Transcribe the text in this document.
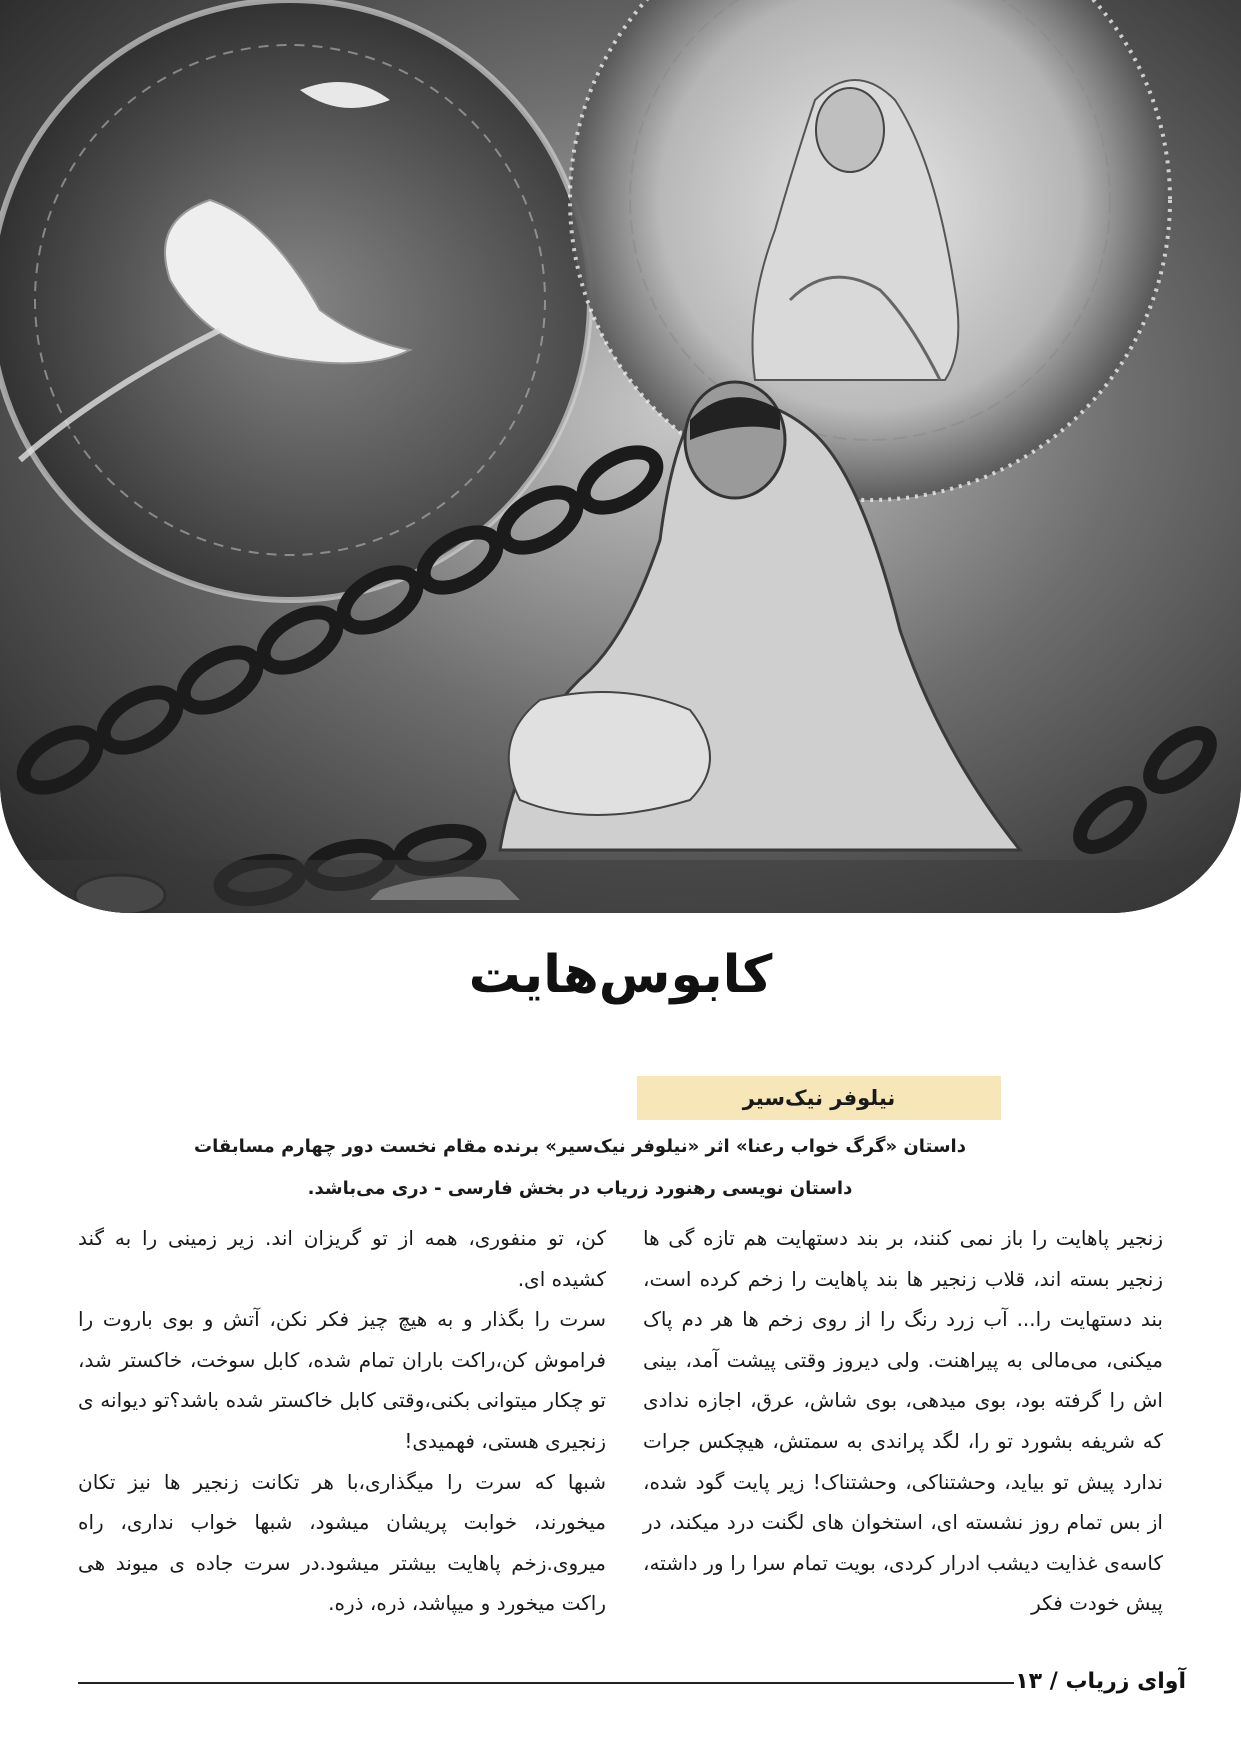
کابوس‌هایت
نیلوفر نیک‌سیر
داستان «گرگ خواب رعنا» اثر «نیلوفر نیک‌سیر» برنده مقام نخست دور چهارم مسابقات
داستان نویسی رهنورد زریاب در بخش فارسی - دری می‌باشد.

زنجیر پاهایت را باز نمی کنند، بر بند دستهایت هم تازه گی ها زنجیر بسته اند، قلاب زنجیر ها بند پاهایت را زخم کرده است، بند دستهایت را... آب زرد رنگ را از روی زخم ها هر دم پاک میکنی، می‌مالی به پیراهنت. ولی دیروز وقتی پیشت آمد، بینی اش را گرفته بود، بوی میدهی، بوی شاش، عرق، اجازه ندادی که شریفه بشورد تو را، لگد پراندی به سمتش، هیچکس جرات ندارد پیش تو بیاید، وحشتناکی، وحشتناک! زیر پایت گود شده، از بس تمام روز نشسته ای، استخوان های لگنت درد میکند، در کاسه‌ی غذایت دیشب ادرار کردی، بویت تمام سرا را ور داشته، پیش خودت فکر

کن، تو منفوری، همه از تو گریزان اند. زیر زمینی را به گند کشیده ای.

سرت را بگذار و به هیچ چیز فکر نکن، آتش و بوی باروت را فراموش کن،راکت باران تمام شده، کابل سوخت، خاکستر شد، تو چکار میتوانی بکنی،وقتی کابل خاکستر شده باشد؟تو دیوانه ی زنجیری هستی، فهمیدی!

شبها که سرت را میگذاری،با هر تکانت زنجیر ها نیز تکان میخورند، خوابت پریشان میشود، شبها خواب نداری، راه میروی.زخم پاهایت بیشتر میشود.در سرت جاده ی میوند هی راکت میخورد و میپاشد، ذره، ذره.

آوای زریاب / ۱۳
